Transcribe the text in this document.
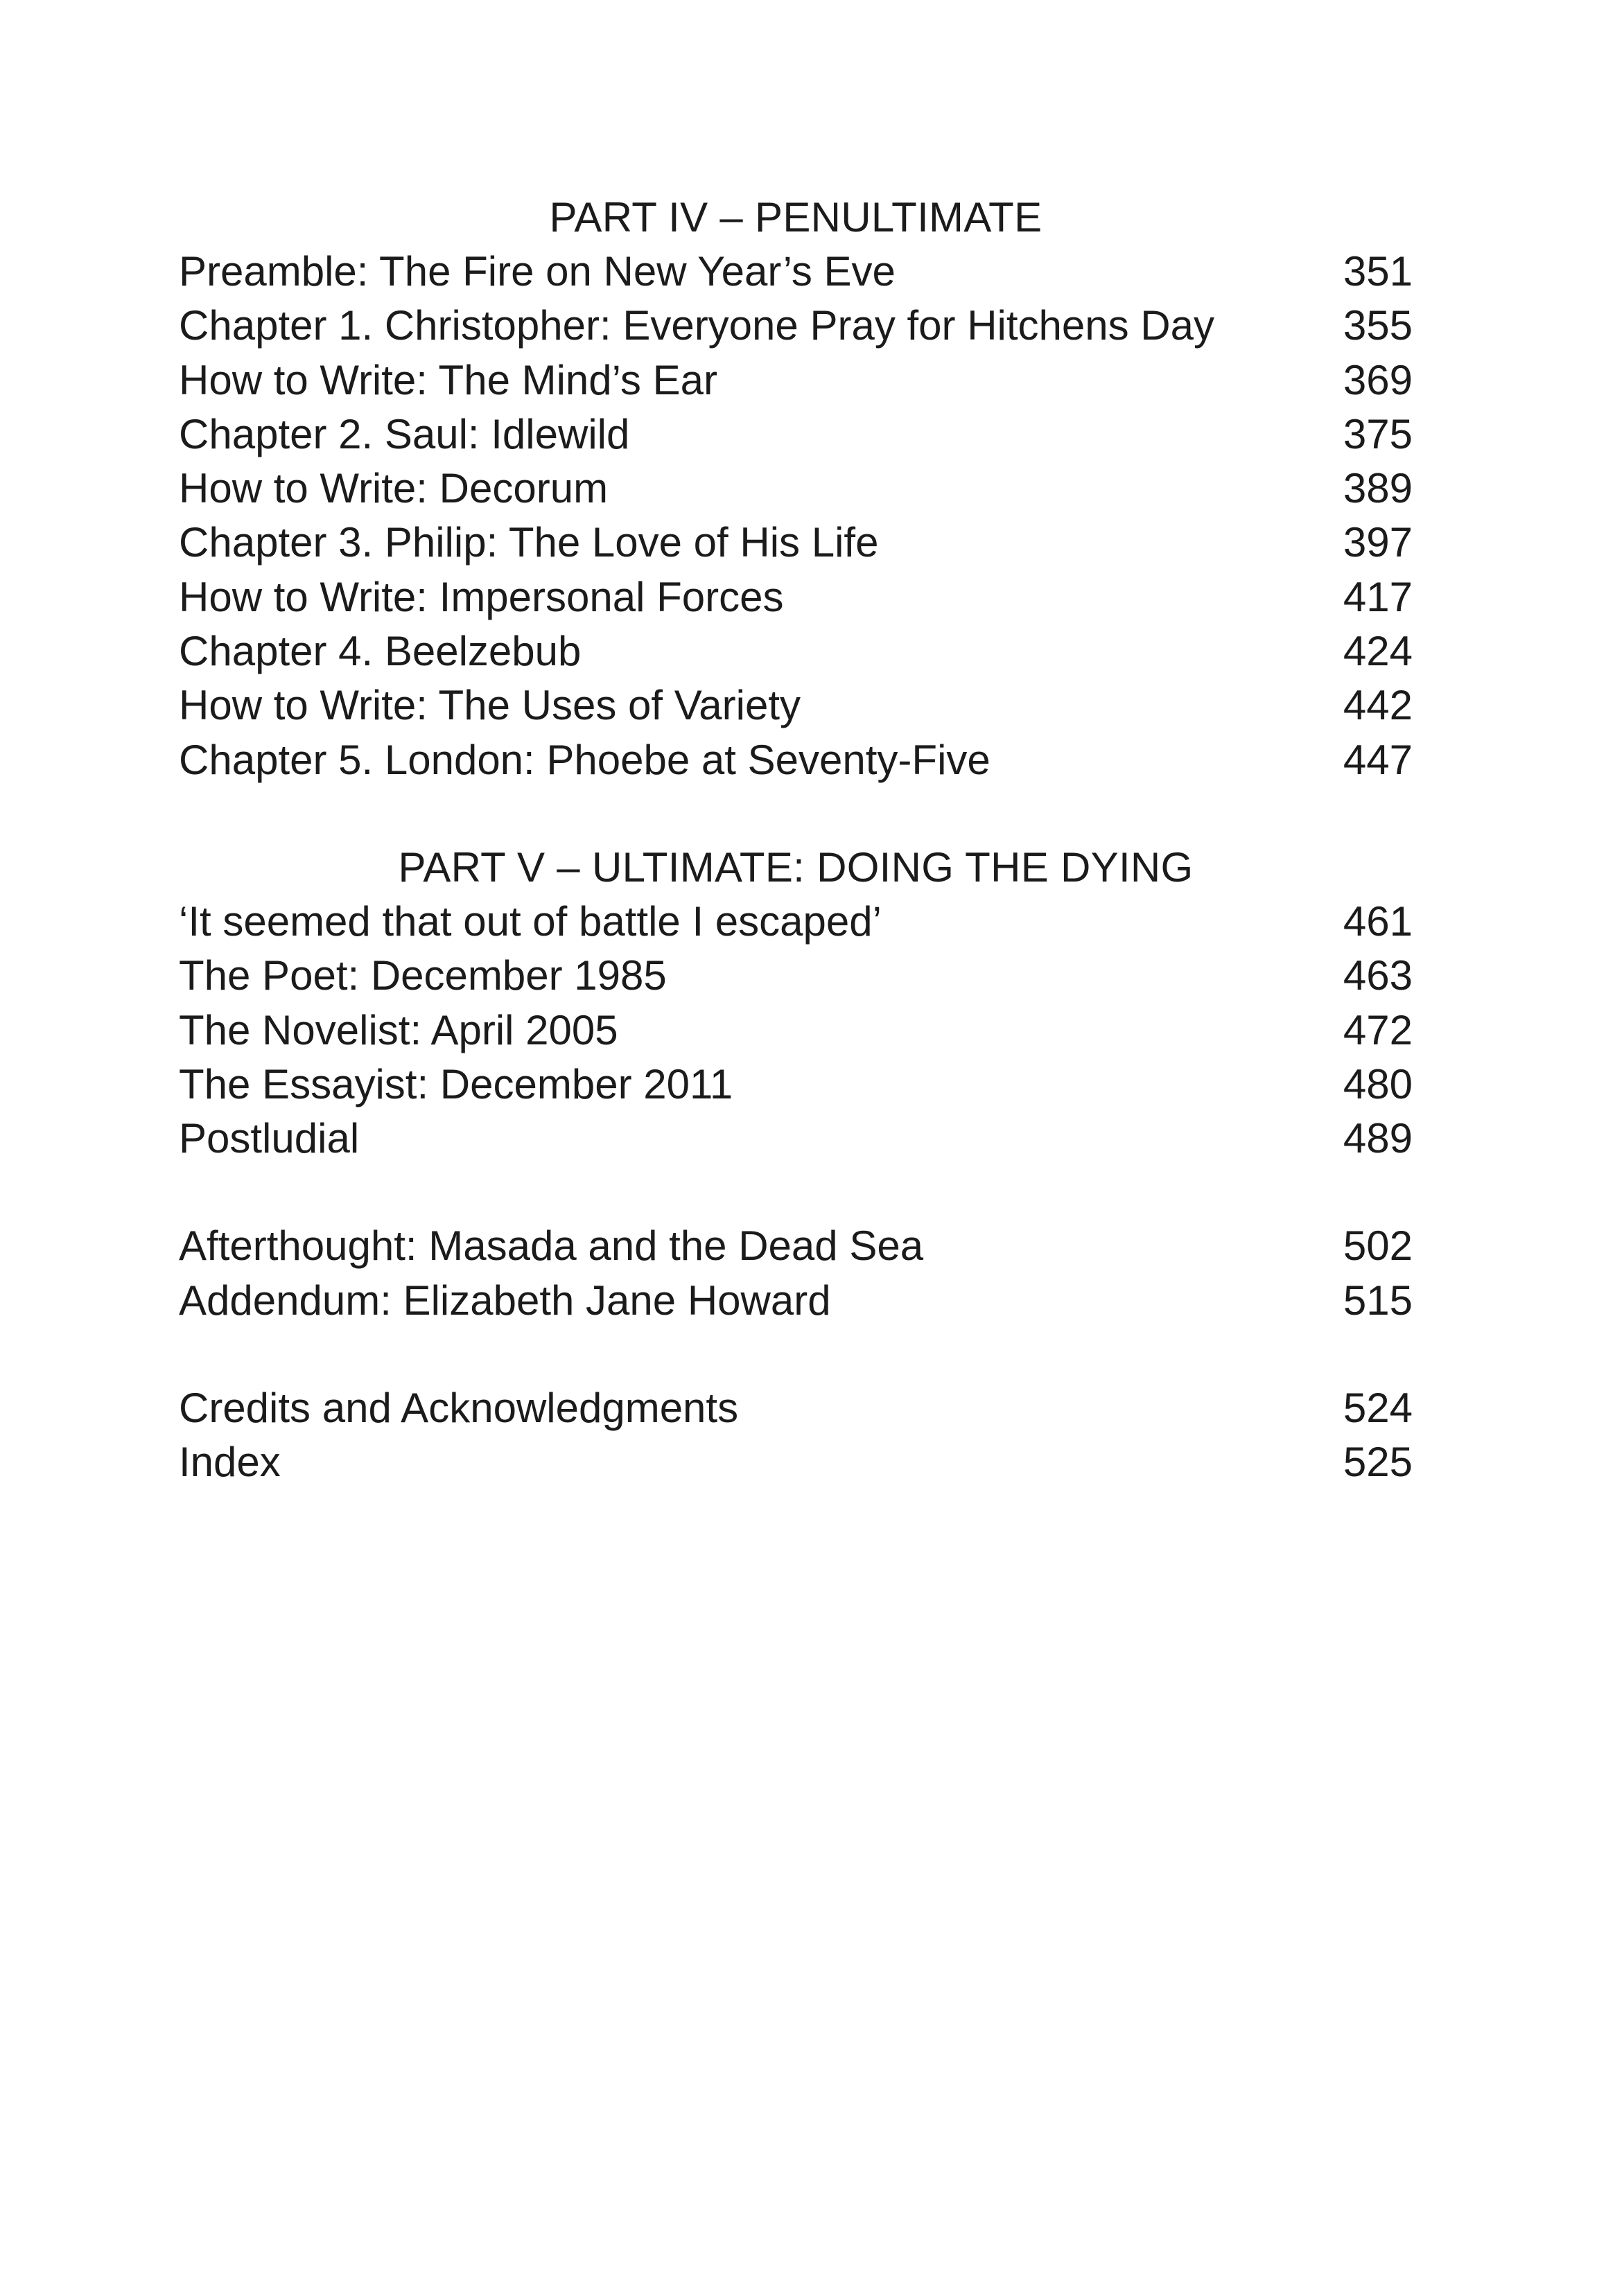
PART IV – PENULTIMATE
Preamble: The Fire on New Year’s Eve	351
Chapter 1. Christopher: Everyone Pray for Hitchens Day	355
How to Write: The Mind’s Ear	369
Chapter 2. Saul: Idlewild	375
How to Write: Decorum	389
Chapter 3. Philip: The Love of His Life	397
How to Write: Impersonal Forces	417
Chapter 4. Beelzebub	424
How to Write: The Uses of Variety	442
Chapter 5. London: Phoebe at Seventy-Five	447
PART V – ULTIMATE: DOING THE DYING
‘It seemed that out of battle I escaped’	461
The Poet: December 1985	463
The Novelist: April 2005	472
The Essayist: December 2011	480
Postludial	489
Afterthought: Masada and the Dead Sea	502
Addendum: Elizabeth Jane Howard	515
Credits and Acknowledgments	524
Index	525
